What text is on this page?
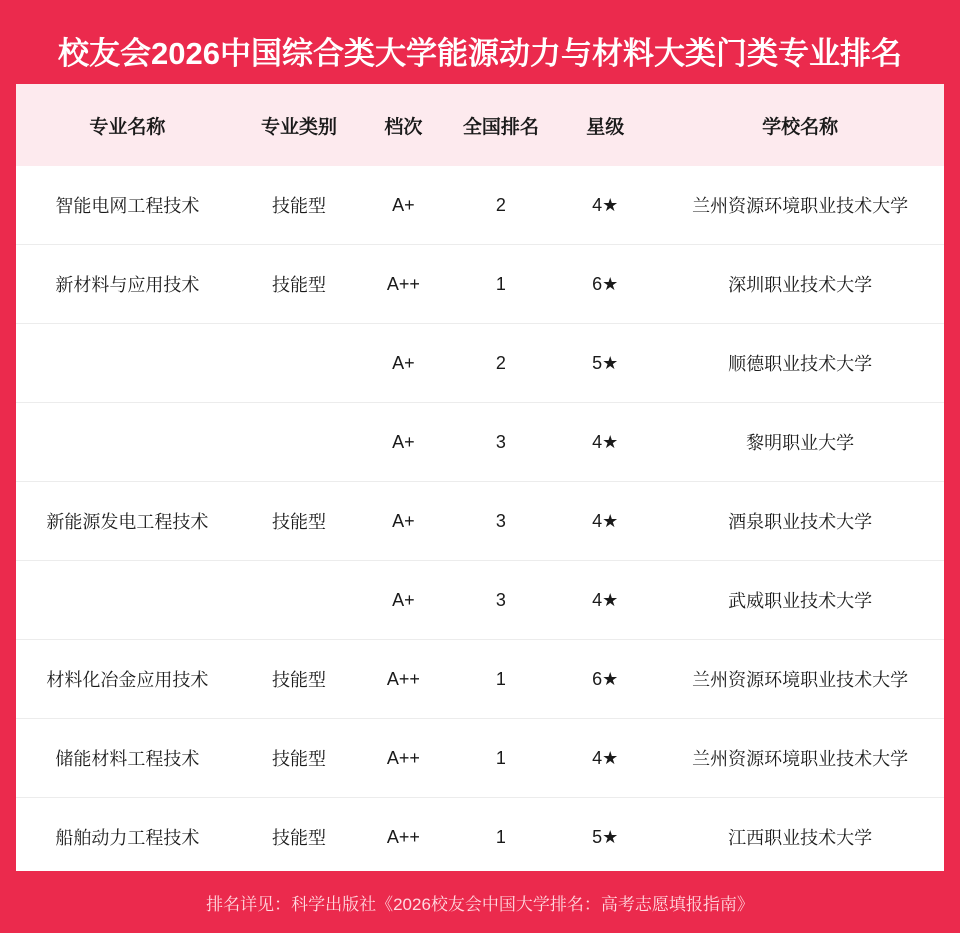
校友会2026中国综合类大学能源动力与材料大类门类专业排名
专业名称	专业类别	档次	全国排名	星级	学校名称
智能电网工程技术	技能型	A+	2	4★	兰州资源环境职业技术大学
新材料与应用技术	技能型	A++	1	6★	深圳职业技术大学
		A+	2	5★	顺德职业技术大学
		A+	3	4★	黎明职业大学
新能源发电工程技术	技能型	A+	3	4★	酒泉职业技术大学
		A+	3	4★	武威职业技术大学
材料化冶金应用技术	技能型	A++	1	6★	兰州资源环境职业技术大学
储能材料工程技术	技能型	A++	1	4★	兰州资源环境职业技术大学
船舶动力工程技术	技能型	A++	1	5★	江西职业技术大学
排名详见：科学出版社《2026校友会中国大学排名：高考志愿填报指南》
